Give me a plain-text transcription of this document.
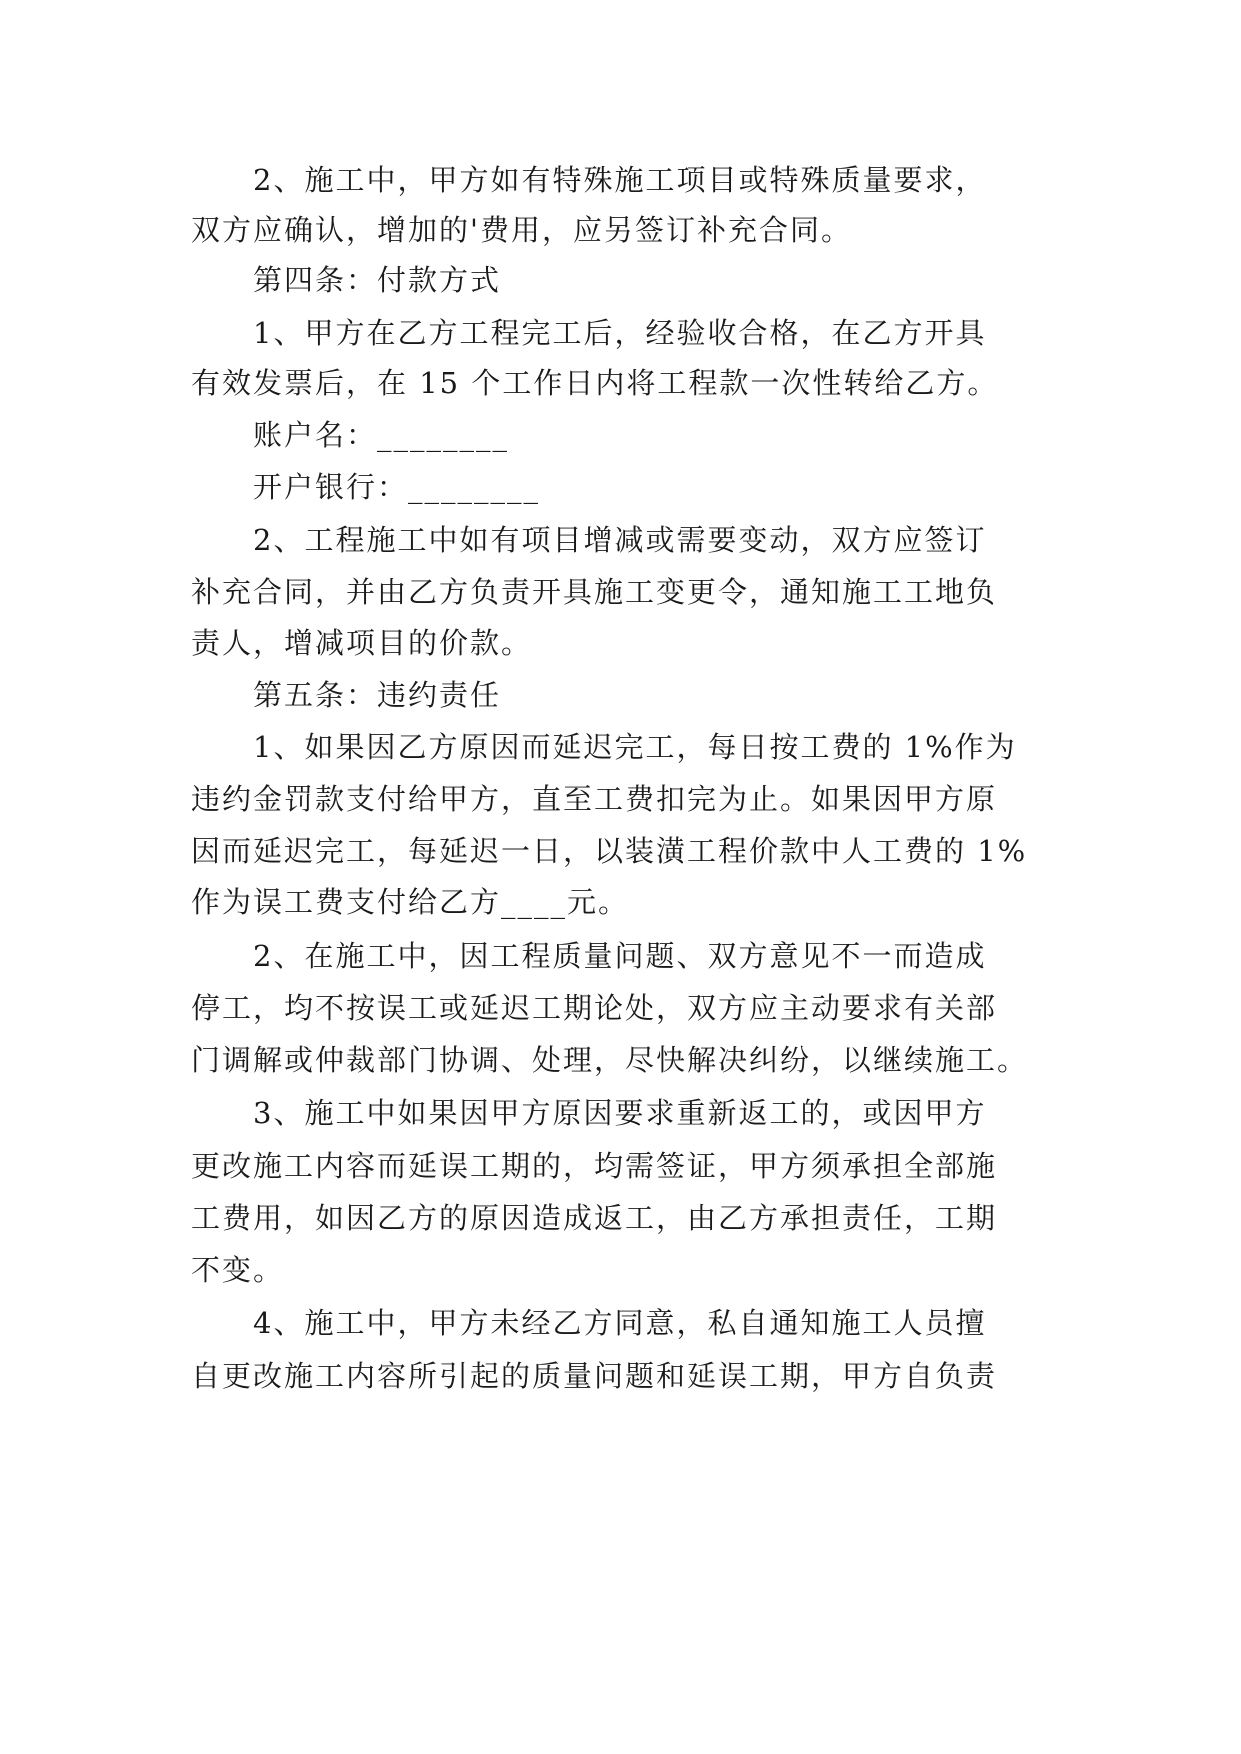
2、施工中，甲方如有特殊施工项目或特殊质量要求，
双方应确认，增加的'费用，应另签订补充合同。
第四条：付款方式
1、甲方在乙方工程完工后，经验收合格，在乙方开具
有效发票后，在 15 个工作日内将工程款一次性转给乙方。
账户名：________
开户银行：________
2、工程施工中如有项目增减或需要变动，双方应签订
补充合同，并由乙方负责开具施工变更令，通知施工工地负
责人，增减项目的价款。
第五条：违约责任
1、如果因乙方原因而延迟完工，每日按工费的 1%作为
违约金罚款支付给甲方，直至工费扣完为止。如果因甲方原
因而延迟完工，每延迟一日，以装潢工程价款中人工费的 1%
作为误工费支付给乙方____元。
2、在施工中，因工程质量问题、双方意见不一而造成
停工，均不按误工或延迟工期论处，双方应主动要求有关部
门调解或仲裁部门协调、处理，尽快解决纠纷，以继续施工。
3、施工中如果因甲方原因要求重新返工的，或因甲方
更改施工内容而延误工期的，均需签证，甲方须承担全部施
工费用，如因乙方的原因造成返工，由乙方承担责任，工期
不变。
4、施工中，甲方未经乙方同意，私自通知施工人员擅
自更改施工内容所引起的质量问题和延误工期，甲方自负责
